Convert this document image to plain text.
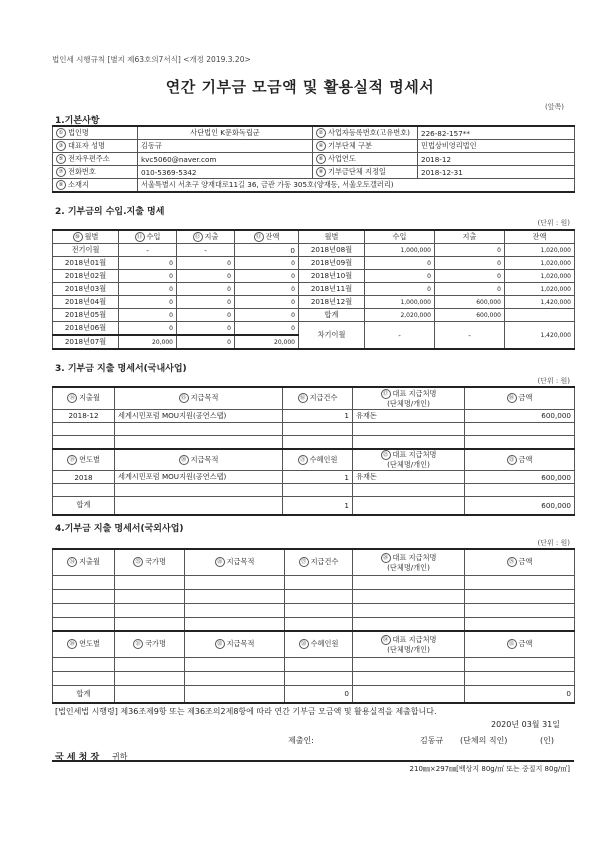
법인세 시행규칙 [별지 제63호의7서식] <개정 2019.3.20>
연간 기부금 모금액 및 활용실적 명세서
(앞쪽)
1.기본사항
① 법인명	사단법인 K문화독립군	② 사업자등록번호(고유번호)	226-82-157**
③ 대표자 성명	김동규	④ 기부단체 구분	민법상비영리법인
⑤ 전자우편주소	kvc5060@naver.com	⑥ 사업연도	2018-12
⑦ 전화번호	010-5369-5342	⑧ 기부금단체 지정일	2018-12-31
⑨ 소재지	서울특별시 서초구 양재대로11길 36, 금관 가동 305호(양재동, 서울오토갤러리)		
2. 기부금의 수입.지출 명세
(단위 : 원)
⑩ 월별	⑪ 수입	⑫ 지출	⑬ 잔액	월별	수입	지출	잔액
전기이월	-	-	0	2018년08월	1,000,000	0	1,020,000
2018년01월	0	0	0	2018년09월	0	0	1,020,000
2018년02월	0	0	0	2018년10월	0	0	1,020,000
2018년03월	0	0	0	2018년11월	0	0	1,020,000
2018년04월	0	0	0	2018년12월	1,000,000	600,000	1,420,000
2018년05월	0	0	0	합계	2,020,000	600,000	
2018년06월	0	0	0	차기이월	-	-	1,420,000
2018년07월	20,000	0	20,000				
3. 기부금 지출 명세서(국내사업)
(단위 : 원)
⑭ 지출월	⑮ 지급목적	⑯ 지급건수	⑰ 대표 지급처명
(단체명/개인)	⑱ 금액
2018-12	세계시민포럼 MOU지원(공연스탭)	1	유재돈	600,000

⑲ 연도별	⑳ 지급목적	㉑ 수혜인원	㉒ 대표 지급처명
(단체명/개인)	㉓ 금액
2018	세계시민포럼 MOU지원(공연스탭)	1	유재돈	600,000

합계		1		600,000
4.기부금 지출 명세서(국외사업)
(단위 : 원)
㉔ 지출월	㉕ 국가명	㉖ 지급목적	㉗ 지급건수	㉘ 대표 지급처명
(단체명/개인)	㉙ 금액

㉚ 연도별	㉛ 국가명	㉜ 지급목적	㉝ 수혜인원	㉞ 대표 지급처명
(단체명/개인)	㉟ 금액

합계			0		0
[법인세법 시행령] 제36조제9항 또는 제36조의2제8항에 따라 연간 기부금 모금액 및 활용실적을 제출합니다.
2020년 03월 31일
제출인:	김동규 (단체의 직인)	(인)
국 세 청 장 귀하
210㎜×297㎜[백상지 80g/㎡ 또는 중질지 80g/㎡]
